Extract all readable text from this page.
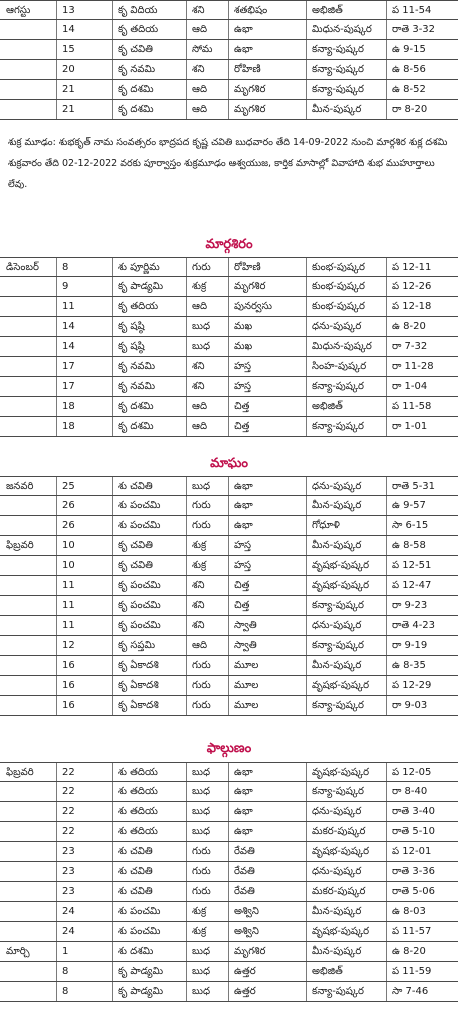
ఆగస్టు	13	కృ విదియ	శని	శతభిషం	అభిజిత్	ప 11-54
14	కృ తదియ	ఆది	ఉభా	మిధున-పుష్కర	రాతె 3-32
15	కృ చవితి	సోమ	ఉభా	కన్యా-పుష్కర	ఉ 9-15
20	కృ నవమి	శని	రోహిణి	కన్యా-పుష్కర	ఉ 8-56
21	కృ దశమి	ఆది	మృగశిర	కన్యా-పుష్కర	ఉ 8-52
21	కృ దశమి	ఆది	మృగశిర	మీన-పుష్కర	రా 8-20
శుక్ర మూఢం: శుభకృత్ నామ సంవత్సరం భాద్రపద కృష్ణ చవితి బుధవారం తేది 14-09-2022 నుంచి మార్గశిర శుక్ల దశమి శుక్రవారం తేది 02-12-2022 వరకు పూర్వాస్తం శుక్రమూఢం ఆశ్వయుజ, కార్తిక మాసాల్లో వివాహాది శుభ ముహూర్తాలు లేవు.
మార్గశిరం
డిసెంబర్	8	శు పూర్ణిమ	గురు	రోహిణి	కుంభ-పుష్కర	ప 12-11
9	కృ పాడ్యమి	శుక్ర	మృగశిర	కుంభ-పుష్కర	ప 12-26
11	కృ తదియ	ఆది	పునర్వసు	కుంభ-పుష్కర	ప 12-18
14	కృ షష్ఠి	బుధ	మఖ	ధను-పుష్కర	ఉ 8-20
14	కృ షష్ఠి	బుధ	మఖ	మిధున-పుష్కర	రా 7-32
17	కృ నవమి	శని	హస్త	సింహ-పుష్కర	రా 11-28
17	కృ నవమి	శని	హస్త	కన్యా-పుష్కర	రా 1-04
18	కృ దశమి	ఆది	చిత్త	అభిజిత్	ప 11-58
18	కృ దశమి	ఆది	చిత్త	కన్యా-పుష్కర	రా 1-01
మాఘం
జనవరి	25	శు చవితి	బుధ	ఉభా	ధను-పుష్కర	రాతె 5-31
26	శు పంచమి	గురు	ఉభా	మీన-పుష్కర	ఉ 9-57
26	శు పంచమి	గురు	ఉభా	గోధూళి	సా 6-15
ఫిబ్రవరి	10	కృ చవితి	శుక్ర	హస్త	మీన-పుష్కర	ఉ 8-58
10	కృ చవితి	శుక్ర	హస్త	వృషభ-పుష్కర	ప 12-51
11	కృ పంచమి	శని	చిత్త	వృషభ-పుష్కర	ప 12-47
11	కృ పంచమి	శని	చిత్త	కన్యా-పుష్కర	రా 9-23
11	కృ పంచమి	శని	స్వాతి	ధను-పుష్కర	రాతె 4-23
12	కృ సప్తమి	ఆది	స్వాతి	కన్యా-పుష్కర	రా 9-19
16	కృ ఏకాదశి	గురు	మూల	మీన-పుష్కర	ఉ 8-35
16	కృ ఏకాదశి	గురు	మూల	వృషభ-పుష్కర	ప 12-29
16	కృ ఏకాదశి	గురు	మూల	కన్యా-పుష్కర	రా 9-03
ఫాల్గుణం
ఫిబ్రవరి	22	శు తదియ	బుధ	ఉభా	వృషభ-పుష్కర	ప 12-05
22	శు తదియ	బుధ	ఉభా	కన్యా-పుష్కర	రా 8-40
22	శు తదియ	బుధ	ఉభా	ధను-పుష్కర	రాతె 3-40
22	శు తదియ	బుధ	ఉభా	మకర-పుష్కర	రాతె 5-10
23	శు చవితి	గురు	రేవతి	వృషభ-పుష్కర	ప 12-01
23	శు చవితి	గురు	రేవతి	ధను-పుష్కర	రాతె 3-36
23	శు చవితి	గురు	రేవతి	మకర-పుష్కర	రాతె 5-06
24	శు పంచమి	శుక్ర	అశ్విని	మీన-పుష్కర	ఉ 8-03
24	శు పంచమి	శుక్ర	అశ్విని	వృషభ-పుష్కర	ప 11-57
మార్చి	1	శు దశమి	బుధ	మృగశిర	మీన-పుష్కర	ఉ 8-20
8	కృ పాడ్యమి	బుధ	ఉత్తర	అభిజిత్	ప 11-59
8	కృ పాడ్యమి	బుధ	ఉత్తర	కన్యా-పుష్కర	సా 7-46
